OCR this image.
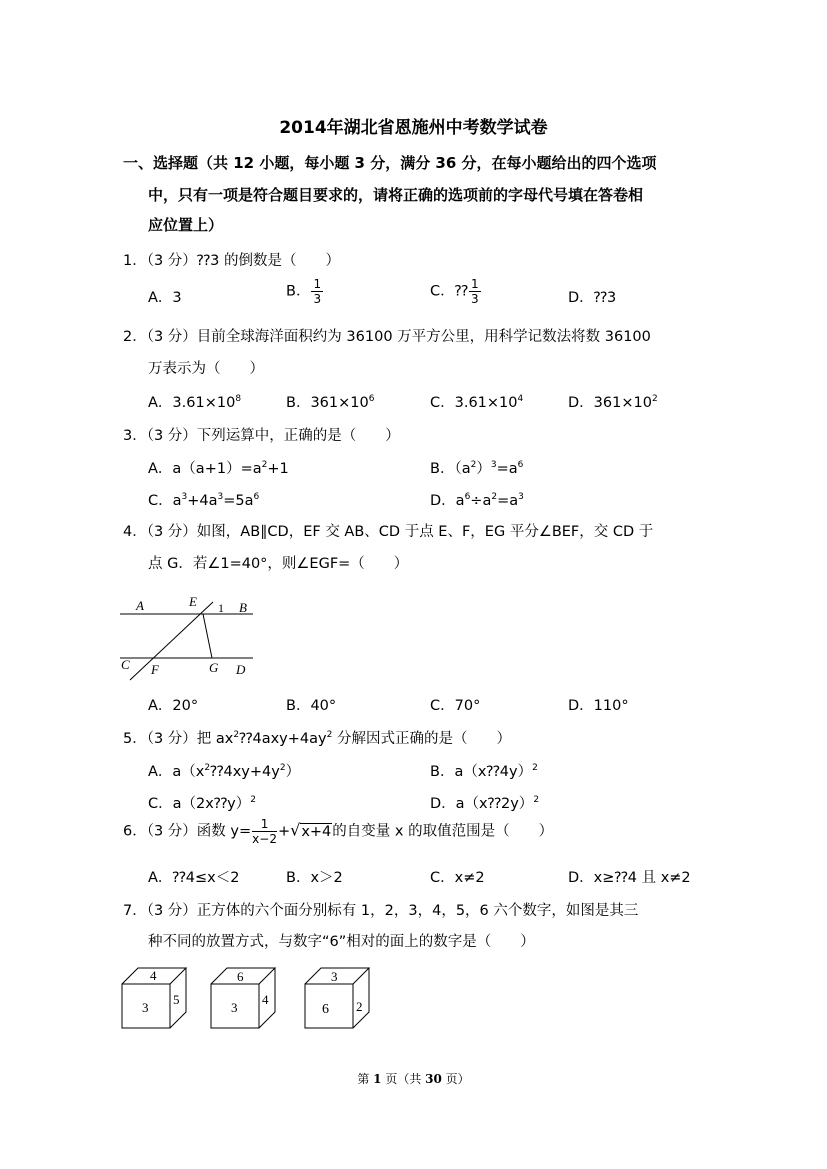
2014年湖北省恩施州中考数学试卷
一、选择题（共 12 小题，每小题 3 分，满分 36 分，在每小题给出的四个选项
中，只有一项是符合题目要求的，请将正确的选项前的字母代号填在答卷相
应位置上）
1．（3 分）⁇3 的倒数是（　　）
A．3	B． $\frac{1}{3}$	C．⁇ $\frac{1}{3}$	D．⁇3
2．（3 分）目前全球海洋面积约为 36100 万平方公里，用科学记数法将数 36100
万表示为（　　）
A．$3.61\times 10^8$	B．$361\times 10^6$	C．$3.61\times 10^4$	D．$361\times 10^2$
3．（3 分）下列运算中，正确的是（　　）
A．$a(a+1)=a^2+1$	B．$(a^2)^3=a^6$
C．$a^3+4a^3=5a^6$	D．$a^6\div a^2=a^3$
4．（3 分）如图，AB∥CD，EF 交 AB、CD 于点 E、F，EG 平分∠BEF，交 CD 于
点 G．若∠1=40°，则∠EGF=（　　）
A	E 1 B
C F	G D
A．20°	B．40°	C．70°	D．110°
5．（3 分）把 $ax^2⁇4axy+4ay^2$ 分解因式正确的是（　　）
A．$a(x^2⁇4xy+4y^2)$	B．a（x⁇4y）$^2$
C．a（2x⁇y）$^2$	D．a（x⁇2y）$^2$
6．（3 分）函数 $y= \frac{1}{x-2} +√x+4$的自变量 x 的取值范围是（　　）
A．⁇4≤x＜2	B．x＞2	C．x≠2	D．x≥⁇4 且 x≠2
7．（3 分）正方体的六个面分别标有 1，2，3，4，5，6 六个数字，如图是其三
种不同的放置方式，与数字“6”相对的面上的数字是（　　）
4
3
5
6
3
4
3
6 2
第 1 页（共 30 页）
